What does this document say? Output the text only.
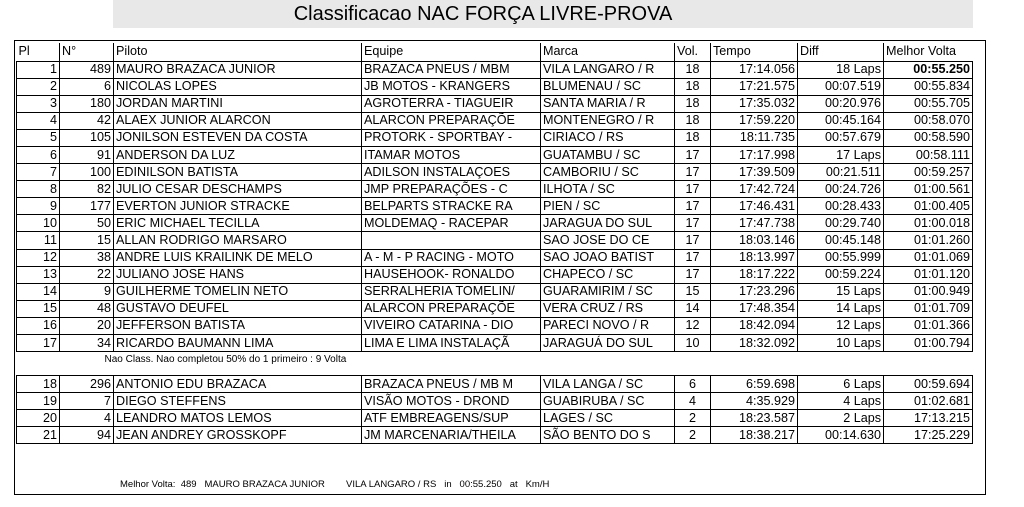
Classificacao NAC FORÇA LIVRE-PROVA
Pl	N°	Piloto	Equipe	Marca	Vol.	Tempo	Diff	Melhor Volta
1	489	MAURO BRAZACA JUNIOR	BRAZACA PNEUS / MBM	VILA LANGARO / R	18	17:14.056	18 Laps	00:55.250
2	6	NICOLAS LOPES	JB MOTOS - KRANGERS	BLUMENAU / SC	18	17:21.575	00:07.519	00:55.834
3	180	JORDAN MARTINI	AGROTERRA - TIAGUEIR	SANTA MARIA / R	18	17:35.032	00:20.976	00:55.705
4	42	ALAEX JUNIOR ALARCON	ALARCON PREPARAÇÕE	MONTENEGRO / R	18	17:59.220	00:45.164	00:58.070
5	105	JONILSON ESTEVEN DA COSTA	PROTORK - SPORTBAY -	CIRIACO / RS	18	18:11.735	00:57.679	00:58.590
6	91	ANDERSON DA LUZ	ITAMAR MOTOS	GUATAMBU / SC	17	17:17.998	17 Laps	00:58.111
7	100	EDINILSON BATISTA	ADILSON INSTALAÇOES	CAMBORIU / SC	17	17:39.509	00:21.511	00:59.257
8	82	JULIO CESAR DESCHAMPS	JMP PREPARAÇÕES - C	ILHOTA / SC	17	17:42.724	00:24.726	01:00.561
9	177	EVERTON JUNIOR STRACKE	BELPARTS STRACKE RA	PIEN / SC	17	17:46.431	00:28.433	01:00.405
10	50	ERIC MICHAEL TECILLA	MOLDEMAQ - RACEPAR	JARAGUA DO SUL	17	17:47.738	00:29.740	01:00.018
11	15	ALLAN RODRIGO MARSARO		SAO JOSE DO CE	17	18:03.146	00:45.148	01:01.260
12	38	ANDRE LUIS KRAILINK DE MELO	A - M - P RACING - MOTO	SAO JOAO BATIST	17	18:13.997	00:55.999	01:01.069
13	22	JULIANO JOSE HANS	HAUSEHOOK- RONALDO	CHAPECO / SC	17	18:17.222	00:59.224	01:01.120
14	9	GUILHERME TOMELIN NETO	SERRALHERIA TOMELIN/	GUARAMIRIM / SC	15	17:23.296	15 Laps	01:00.949
15	48	GUSTAVO DEUFEL	ALARCON PREPARAÇÕE	VERA CRUZ / RS	14	17:48.354	14 Laps	01:01.709
16	20	JEFFERSON BATISTA	VIVEIRO CATARINA - DIO	PARECI NOVO / R	12	18:42.094	12 Laps	01:01.366
17	34	RICARDO BAUMANN LIMA	LIMA E LIMA INSTALAÇÃ	JARAGUÁ DO SUL	10	18:32.092	10 Laps	01:00.794
Nao Class. Nao completou 50% do 1 primeiro : 9 Volta								

18	296	ANTONIO EDU BRAZACA	BRAZACA PNEUS / MB M	VILA LANGA / SC	6	6:59.698	6 Laps	00:59.694
19	7	DIEGO STEFFENS	VISÃO MOTOS - DROND	GUABIRUBA / SC	4	4:35.929	4 Laps	01:02.681
20	4	LEANDRO MATOS LEMOS	ATF EMBREAGENS/SUP	LAGES / SC	2	18:23.587	2 Laps	17:13.215
21	94	JEAN ANDREY GROSSKOPF	JM MARCENARIA/THEILA	SÃO BENTO DO S	2	18:38.217	00:14.630	17:25.229
Melhor Volta: 489 MAURO BRAZACA JUNIOR VILA LANGARO / RS in 00:55.250 at Km/H
